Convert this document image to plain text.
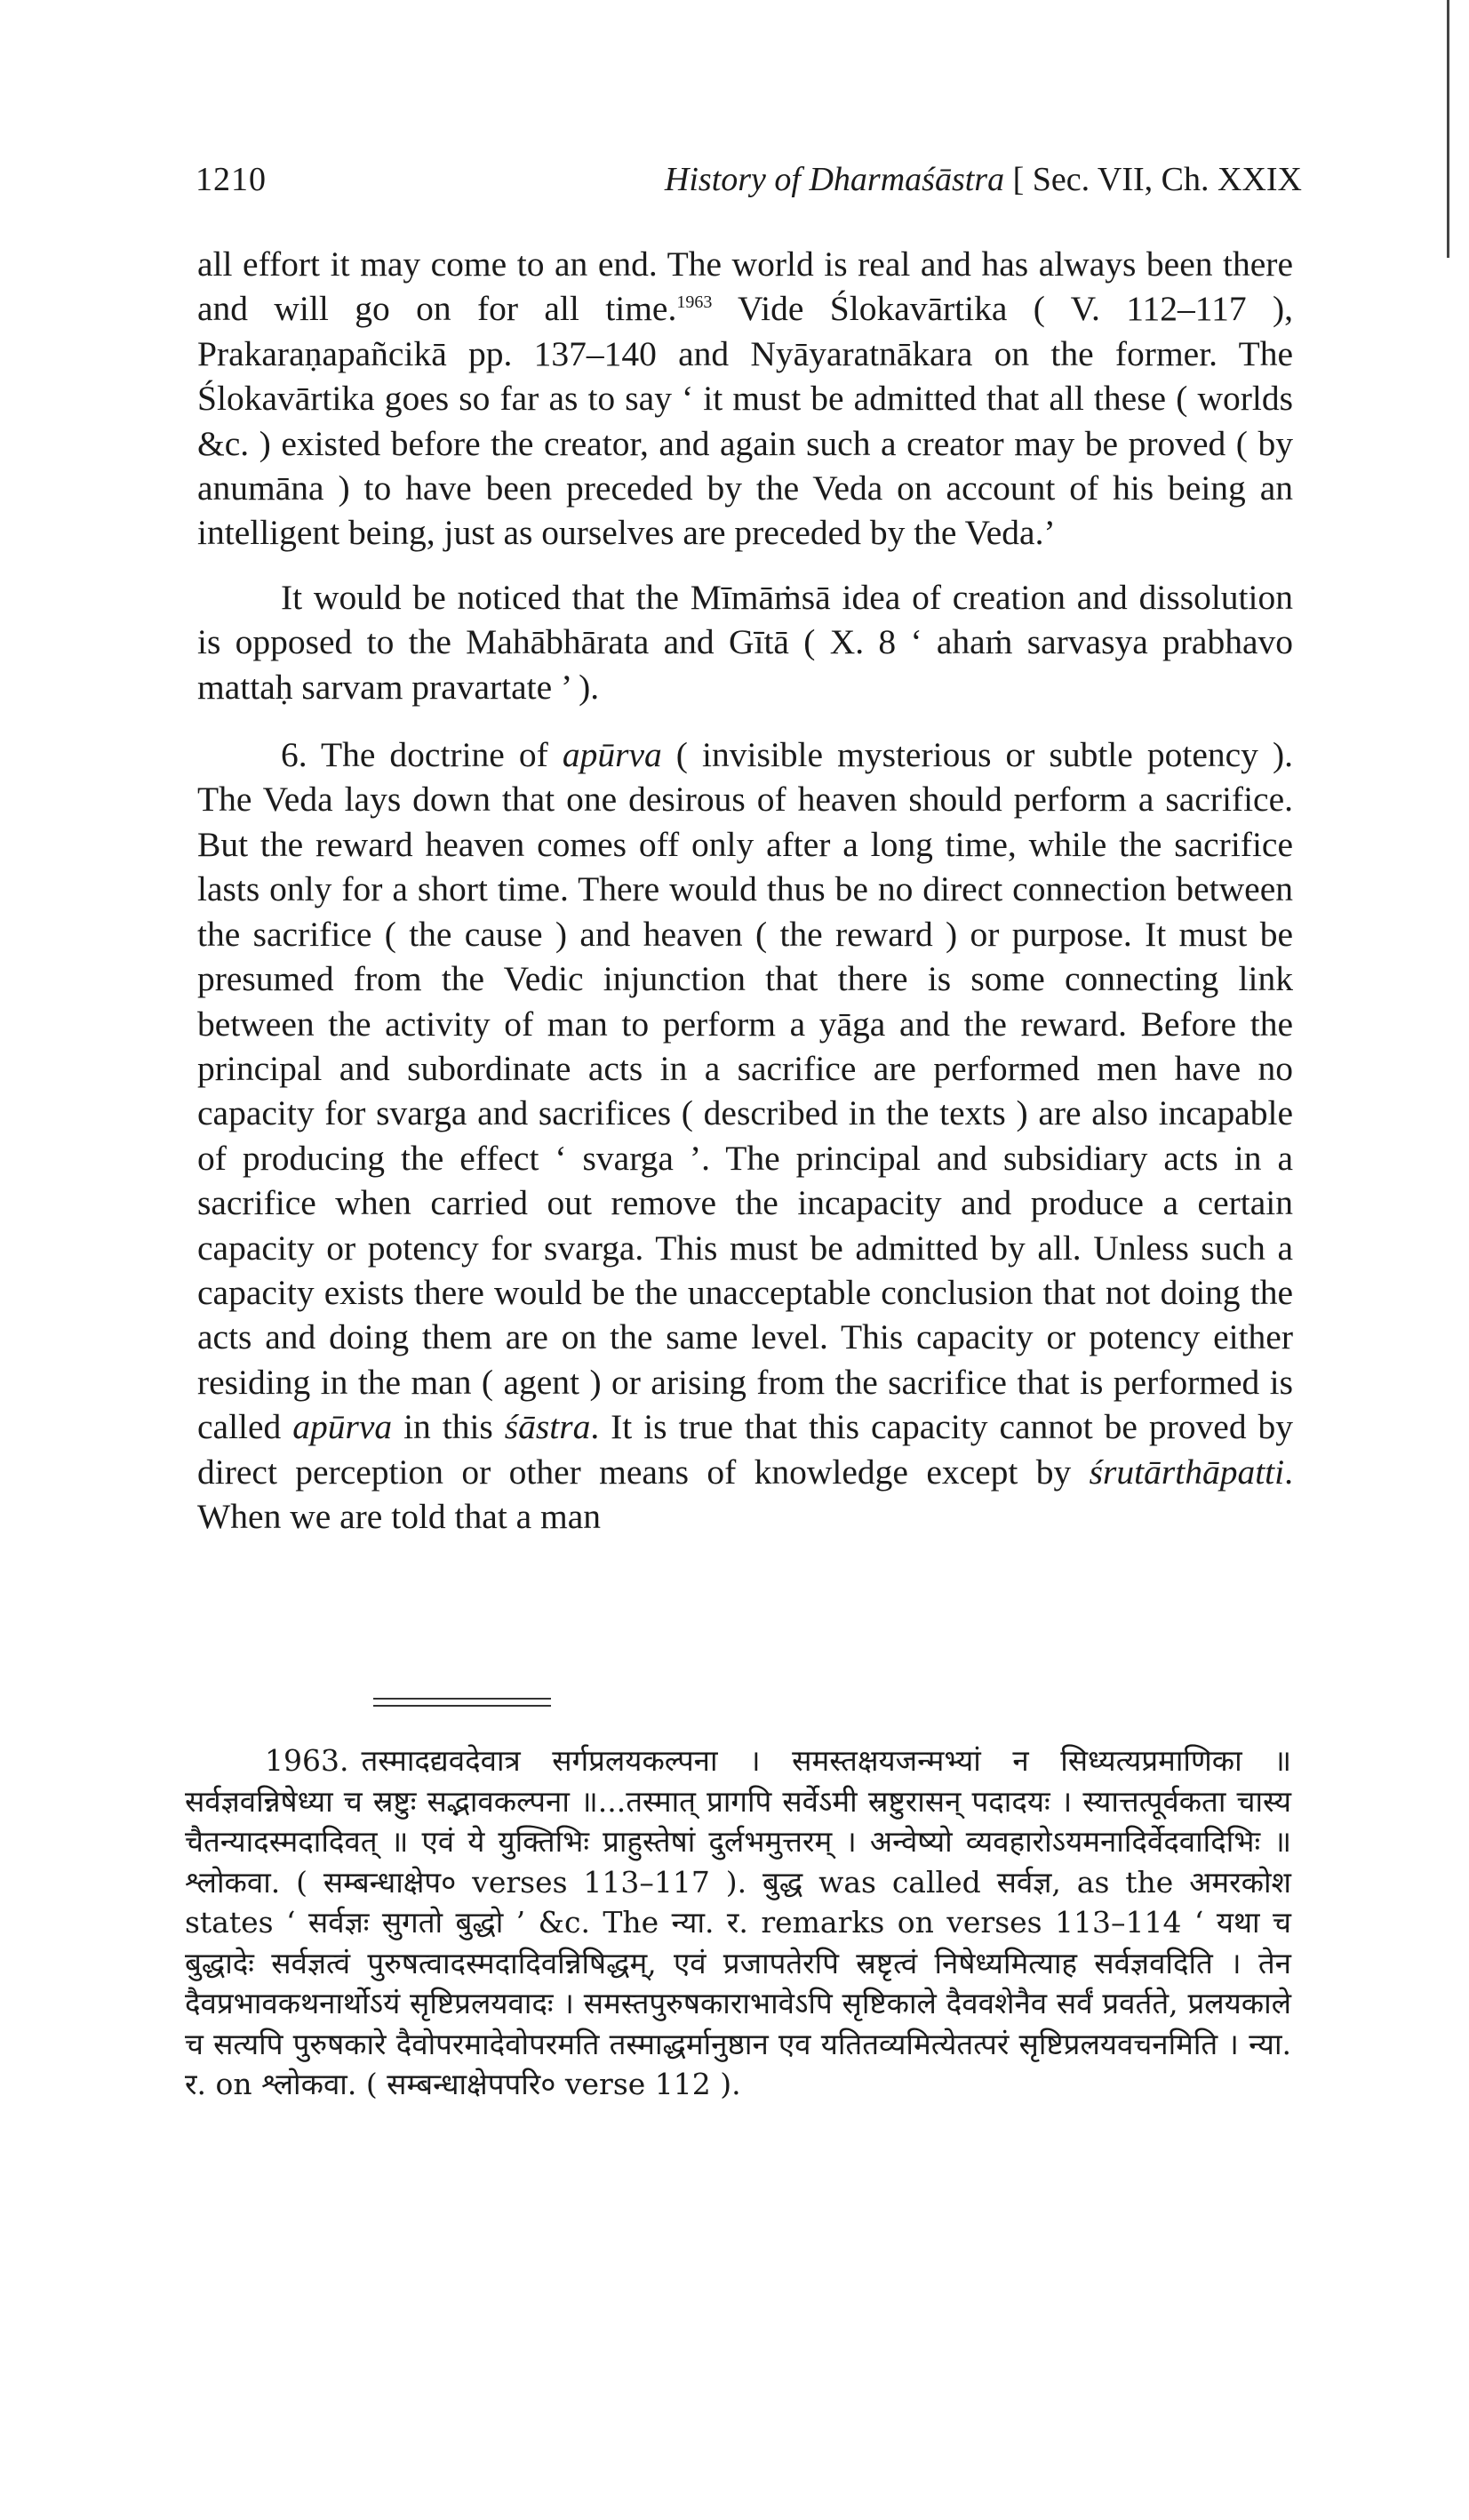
1210	History of Dharmaśāstra [ Sec. VII, Ch. XXIX

all effort it may come to an end. The world is real and has always been there and will go on for all time.$^{1963}$ Vide Ślokavārtika ( V. 112–117 ), Prakaraṇapañcikā pp. 137–140 and Nyāyaratnākara on the former. The Ślokavārtika goes so far as to say ‘ it must be admitted that all these ( worlds &c. ) existed before the creator, and again such a creator may be proved ( by anumāna ) to have been preceded by the Veda on account of his being an intelligent being, just as ourselves are preceded by the Veda.’

It would be noticed that the Mīmāṁsā idea of creation and dissolution is opposed to the Mahābhārata and Gītā ( X. 8 ‘ ahaṁ sarvasya prabhavo mattaḥ sarvam pravartate ’ ).

6. The doctrine of apūrva ( invisible mysterious or subtle potency ). The Veda lays down that one desirous of heaven should perform a sacrifice. But the reward heaven comes off only after a long time, while the sacrifice lasts only for a short time. There would thus be no direct connection between the sacrifice ( the cause ) and heaven ( the reward ) or purpose. It must be presumed from the Vedic injunction that there is some connecting link between the activity of man to perform a yāga and the reward. Before the principal and subordinate acts in a sacrifice are performed men have no capacity for svarga and sacrifices ( described in the texts ) are also incapable of producing the effect ‘ svarga ’. The principal and subsidiary acts in a sacrifice when carried out remove the incapacity and produce a certain capacity or potency for svarga. This must be admitted by all. Unless such a capacity exists there would be the unacceptable conclusion that not doing the acts and doing them are on the same level. This capacity or potency either residing in the man ( agent ) or arising from the sacrifice that is performed is called apūrva in this śāstra. It is true that this capacity cannot be proved by direct perception or other means of knowledge except by śrutārthāpatti. When we are told that a man

1963. तस्मादद्यवदेवात्र सर्गप्रलयकल्पना । समस्तक्षयजन्मभ्यां न सिध्यत्यप्रमाणिका ॥ सर्वज्ञवन्निषेध्या च स्रष्टुः सद्भावकल्पना ॥...तस्मात् प्रागपि सर्वेऽमी स्रष्टुरासन् पदादयः । स्यात्तत्पूर्वकता चास्य चैतन्यादस्मदादिवत् ॥ एवं ये युक्तिभिः प्राहुस्तेषां दुर्लभमुत्तरम् । अन्वेष्यो व्यवहारोऽयमनादिर्वेदवादिभिः ॥ श्लोकवा. ( सम्बन्धाक्षेप० verses 113–117 ). बुद्ध was called सर्वज्ञ, as the अमरकोश states ‘ सर्वज्ञः सुगतो बुद्धो ’ &c. The न्या. र. remarks on verses 113–114 ‘ यथा च बुद्धादेः सर्वज्ञत्वं पुरुषत्वादस्मदादिवन्निषिद्धम्, एवं प्रजापतेरपि स्रष्टृत्वं निषेध्यमित्याह सर्वज्ञवदिति । तेन दैवप्रभावकथनार्थोऽयं सृष्टिप्रलयवादः । समस्तपुरुषकाराभावेऽपि सृष्टिकाले दैववशेनैव सर्वं प्रवर्तते, प्रलयकाले च सत्यपि पुरुषकारे दैवोपरमादेवोपरमति तस्माद्धर्मानुष्ठान एव यतितव्यमित्येतत्परं सृष्टिप्रलयवचनमिति । न्या. र. on श्लोकवा. ( सम्बन्धाक्षेपपरि० verse 112 ).
